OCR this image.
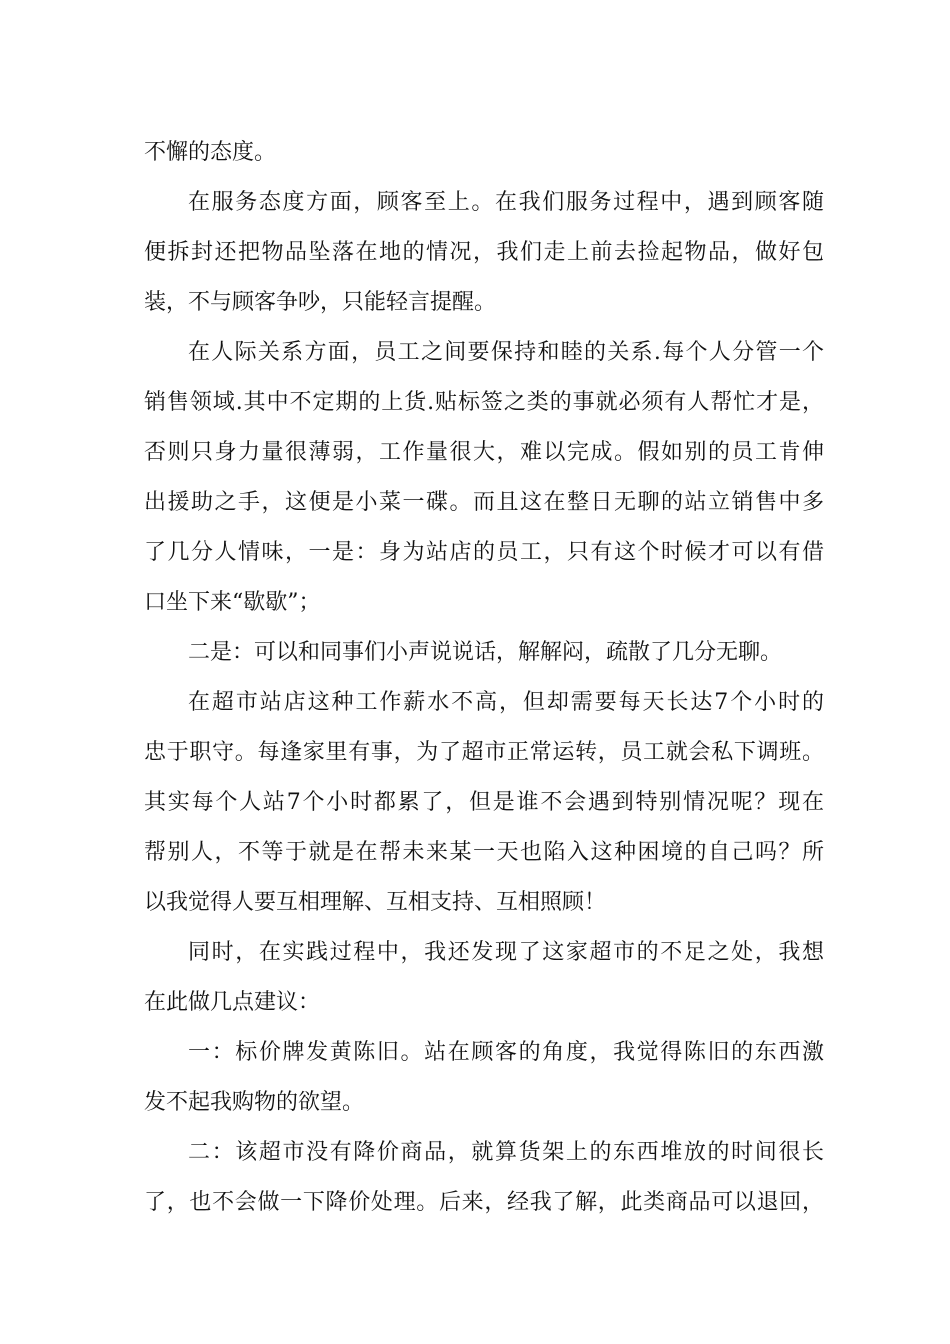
不懈的态度。
在服务态度方面，顾客至上。在我们服务过程中，遇到顾客随
便拆封还把物品坠落在地的情况，我们走上前去捡起物品，做好包
装，不与顾客争吵，只能轻言提醒。
在人际关系方面，员工之间要保持和睦的关系.每个人分管一个
销售领域.其中不定期的上货.贴标签之类的事就必须有人帮忙才是，
否则只身力量很薄弱，工作量很大，难以完成。假如别的员工肯伸
出援助之手，这便是小菜一碟。而且这在整日无聊的站立销售中多
了几分人情味，一是：身为站店的员工，只有这个时候才可以有借
口坐下来“歇歇”；
二是：可以和同事们小声说说话，解解闷，疏散了几分无聊。
在超市站店这种工作薪水不高，但却需要每天长达7个小时的
忠于职守。每逢家里有事，为了超市正常运转，员工就会私下调班。
其实每个人站7个小时都累了，但是谁不会遇到特别情况呢？现在
帮别人，不等于就是在帮未来某一天也陷入这种困境的自己吗？所
以我觉得人要互相理解、互相支持、互相照顾！
同时，在实践过程中，我还发现了这家超市的不足之处，我想
在此做几点建议：
一：标价牌发黄陈旧。站在顾客的角度，我觉得陈旧的东西激
发不起我购物的欲望。
二：该超市没有降价商品，就算货架上的东西堆放的时间很长
了，也不会做一下降价处理。后来，经我了解，此类商品可以退回，
